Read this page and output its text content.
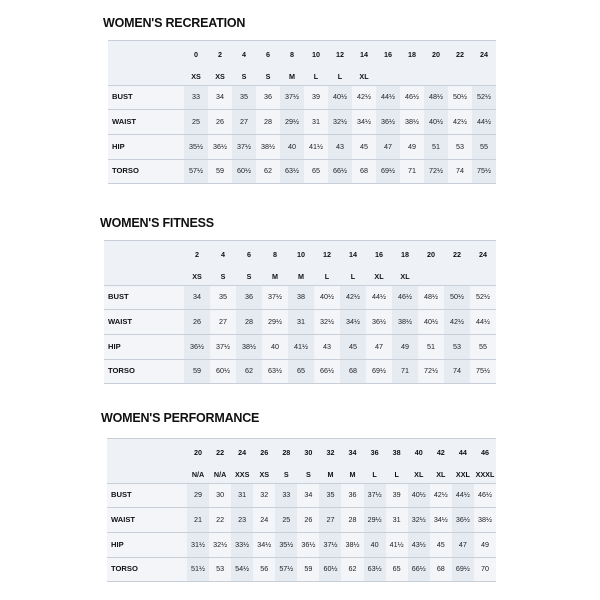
WOMEN'S RECREATION
0	2	4	6	8	10 12 14 16 18 20 22 24
XS XS S	S	M	L	L XL
BUST	33 34 35 36 37½ 39 40½ 42½ 44½ 46½ 48½ 50½ 52½
WAIST	25 26 27 28 29½ 31 32½ 34½ 36½ 38½ 40½ 42½ 44½
HIP	35½ 36½ 37½ 38½ 40 41½ 43 45 47 49 51 53 55
TORSO	57½ 59 60½ 62 63½ 65 66½ 68 69½ 71 72½ 74 75½
WOMEN'S FITNESS
2	4	6	8	10	12	14	16	18	20	22	24
XS	S	S	M	M	L	L	XL XL
BUST	34	35	36 37½ 38 40½ 42½ 44½ 46½ 48½ 50½ 52½
WAIST	26	27	28 29½ 31 32½ 34½ 36½ 38½ 40½ 42½ 44½
HIP	36½ 37½ 38½ 40 41½ 43	45	47	49	51	53	55
TORSO	59 60½ 62 63½ 65 66½ 68 69½ 71 72½ 74 75½
WOMEN'S PERFORMANCE
20 22 24 26 28 30 32 34 36 38 40 42 44 46
N/A N/A XXS XS S S M M L L XL XL XXL XXXL
BUST	29 30 31 32 33 34 35 36 37½ 39 40½ 42½ 44½ 46½
WAIST	21 22 23 24 25 26 27 28 29½ 31 32½ 34½ 36½ 38½
HIP	31½ 32½ 33½ 34½ 35½ 36½ 37½ 38½ 40 41½ 43½ 45 47 49
TORSO	51½ 53 54½ 56 57½ 59 60½ 62 63½ 65 66½ 68 69½ 70
